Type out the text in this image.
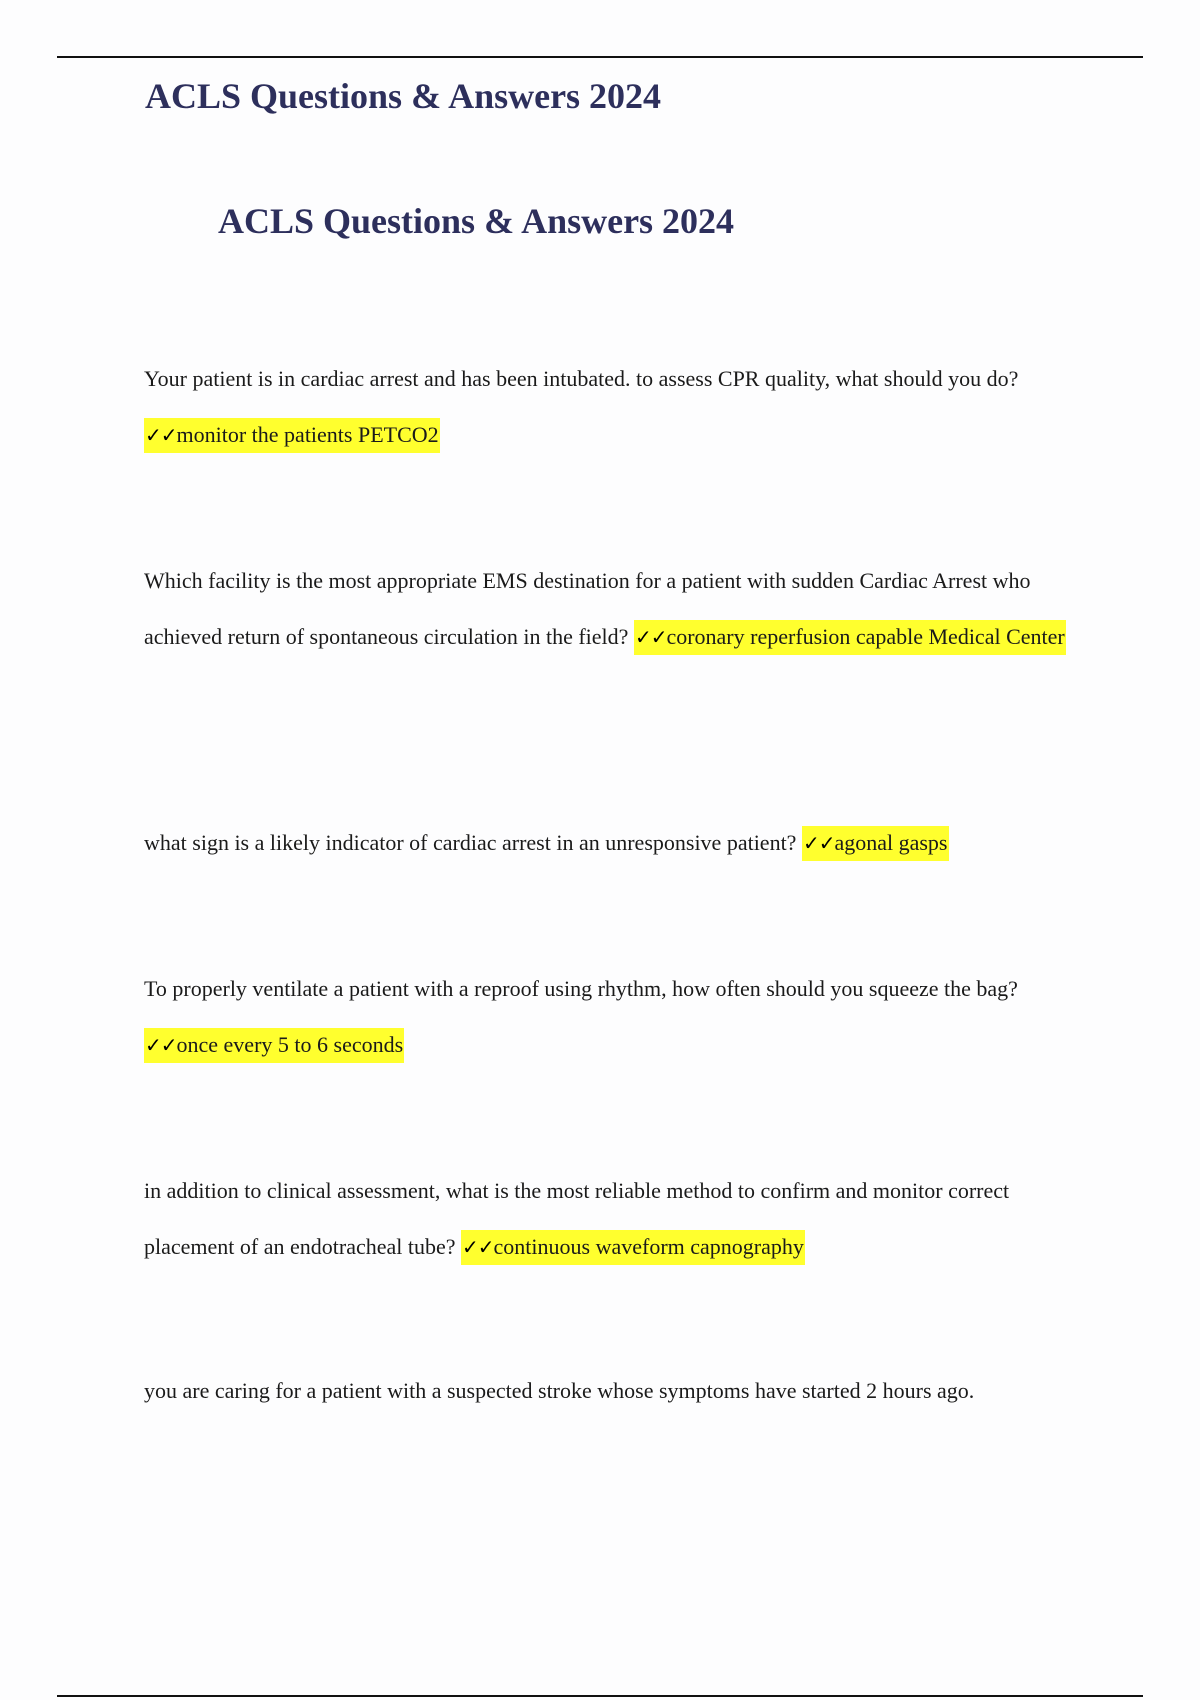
ACLS Questions & Answers 2024
ACLS Questions & Answers 2024

Your patient is in cardiac arrest and has been intubated. to assess CPR quality, what should you do? ✓✓monitor the patients PETCO2

Which facility is the most appropriate EMS destination for a patient with sudden Cardiac Arrest who achieved return of spontaneous circulation in the field? ✓✓coronary reperfusion capable Medical Center

what sign is a likely indicator of cardiac arrest in an unresponsive patient? ✓✓agonal gasps

To properly ventilate a patient with a reproof using rhythm, how often should you squeeze the bag? ✓✓once every 5 to 6 seconds

in addition to clinical assessment, what is the most reliable method to confirm and monitor correct placement of an endotracheal tube? ✓✓continuous waveform capnography

you are caring for a patient with a suspected stroke whose symptoms have started 2 hours ago.
